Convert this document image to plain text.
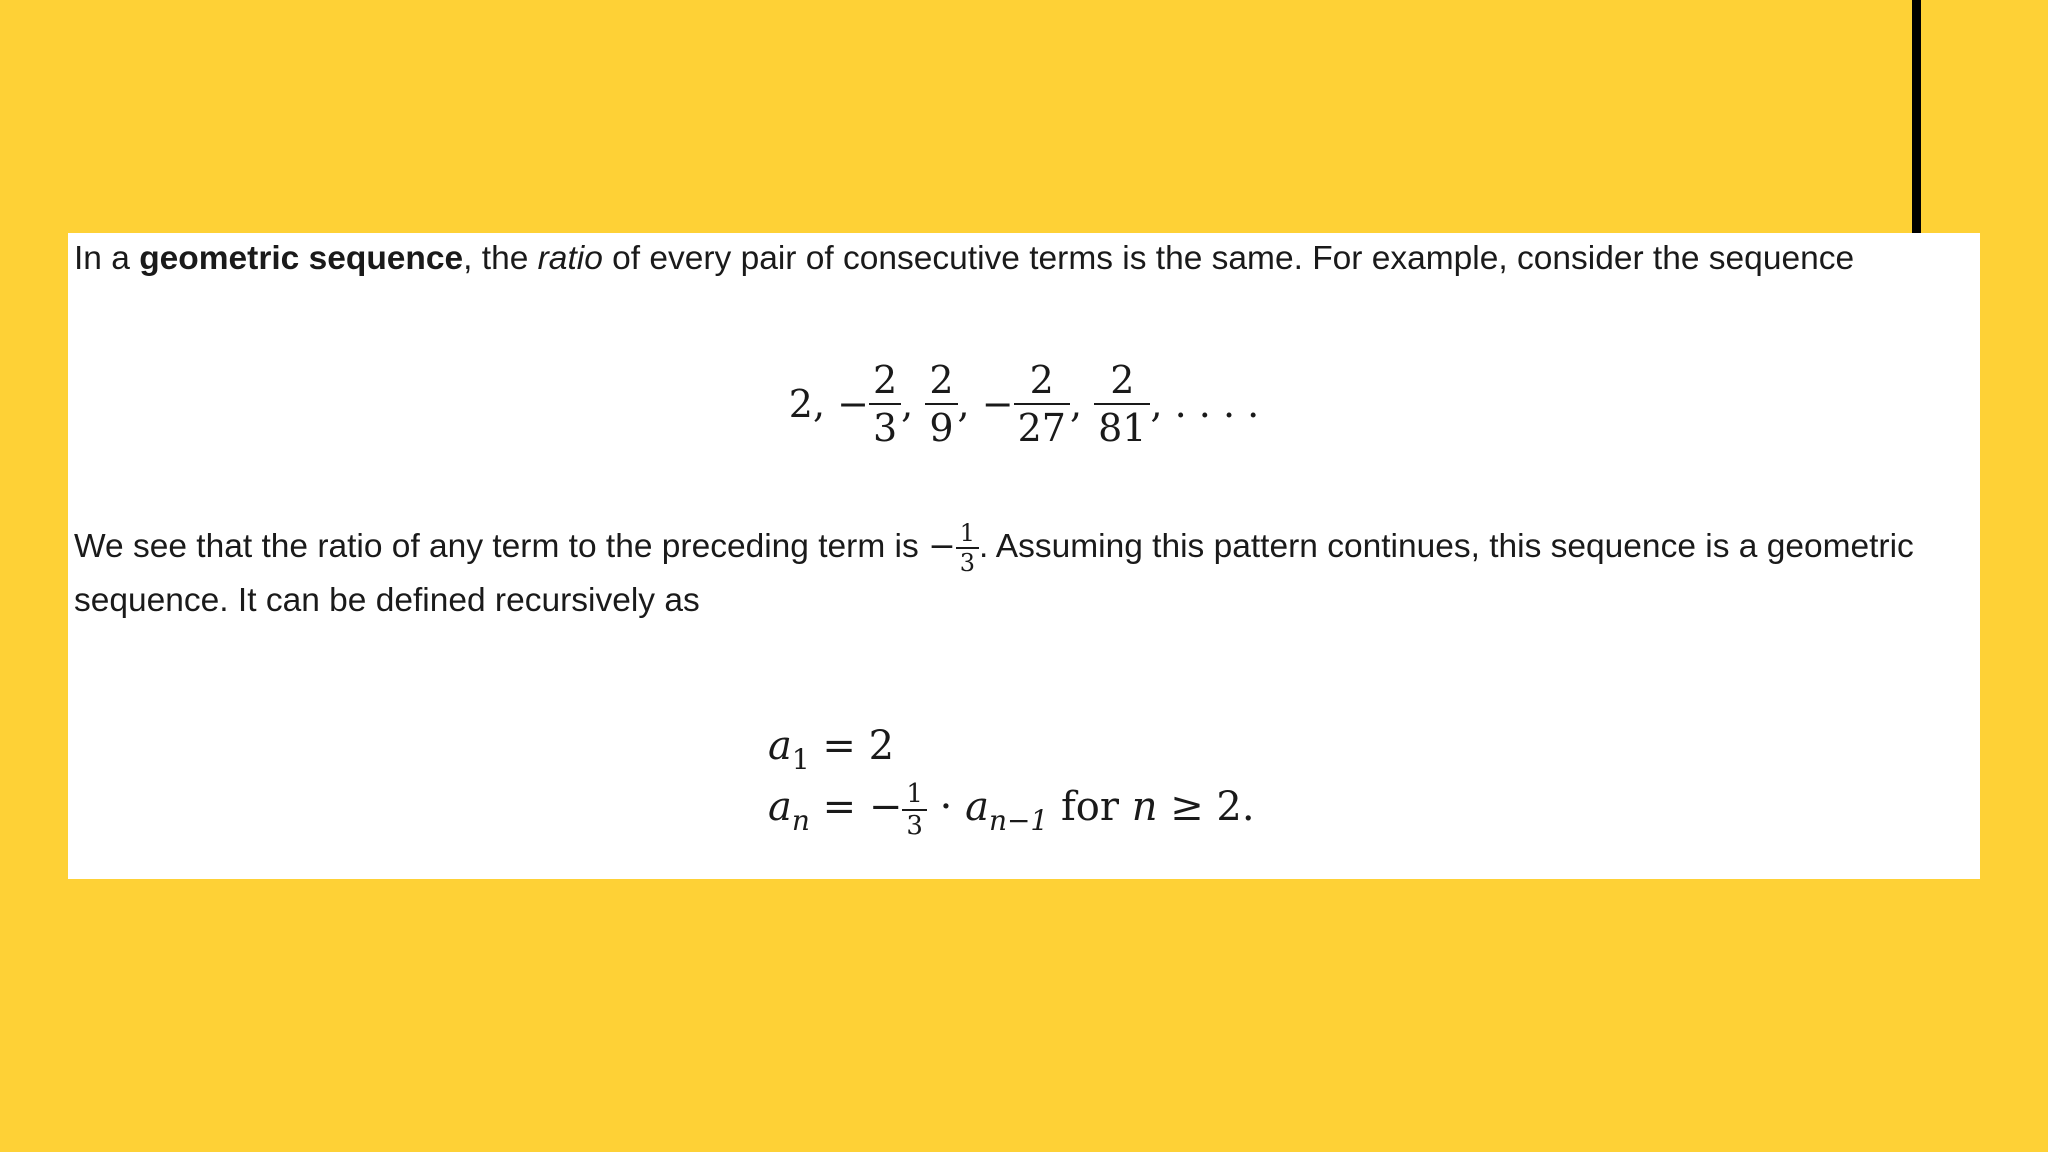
In a geometric sequence, the ratio of every pair of consecutive terms is the same. For example, consider the sequence

2, − $\frac{2}{3}$ , $\frac{2}{9}$ , − $\frac{2}{27}$ , $\frac{2}{81}$ , . . . .

We see that the ratio of any term to the preceding term is − $\frac{1}{3}$ . Assuming this pattern continues, this sequence is a geometric sequence. It can be defined recursively as

$a_1 = 2$
$a_n$ = − $\frac{1}{3} \cdot a_{n-1}$ for n ≥ 2.
